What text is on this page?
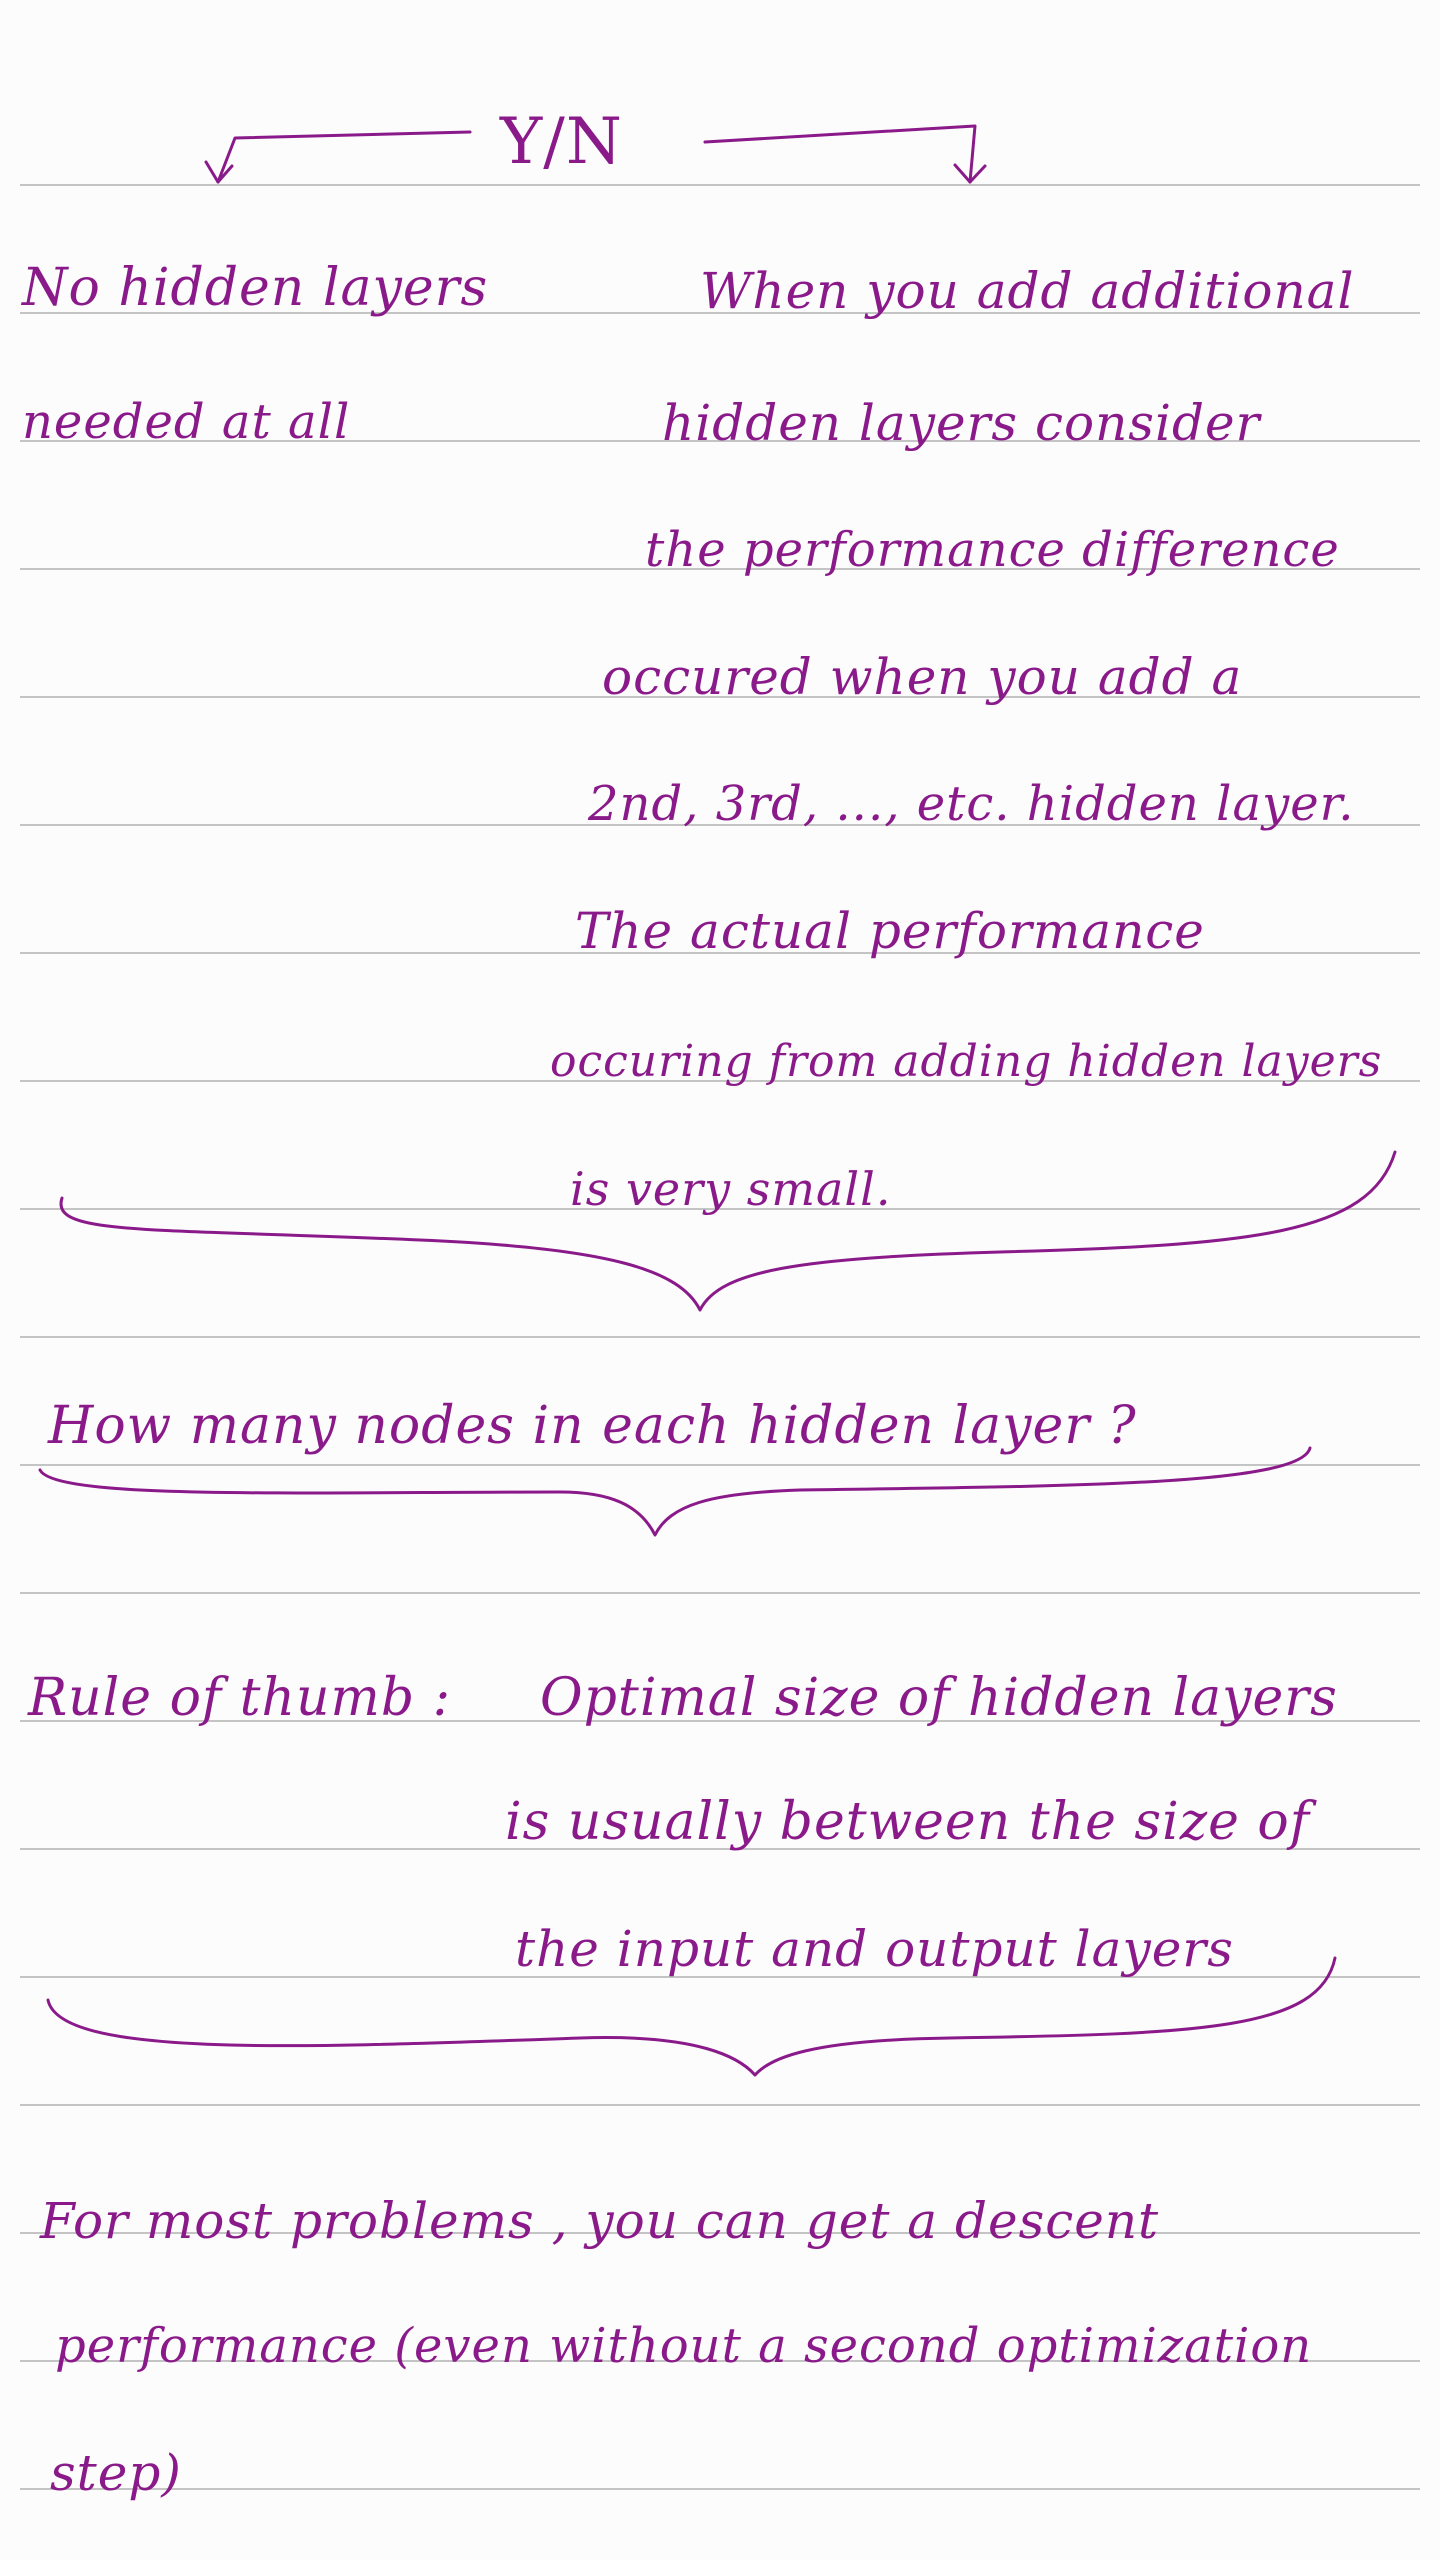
Y/N
No hidden layers
needed at all
When you add additional
hidden layers consider
the performance difference
occured when you add a
2nd, 3rd, ..., etc. hidden layer.
The actual performance
occuring from adding hidden layers
is very small.
How many nodes in each hidden layer ?
Rule of thumb : Optimal size of hidden layers
is usually between the size of
the input and output layers
For most problems , you can get a descent
performance (even without a second optimization
step)
